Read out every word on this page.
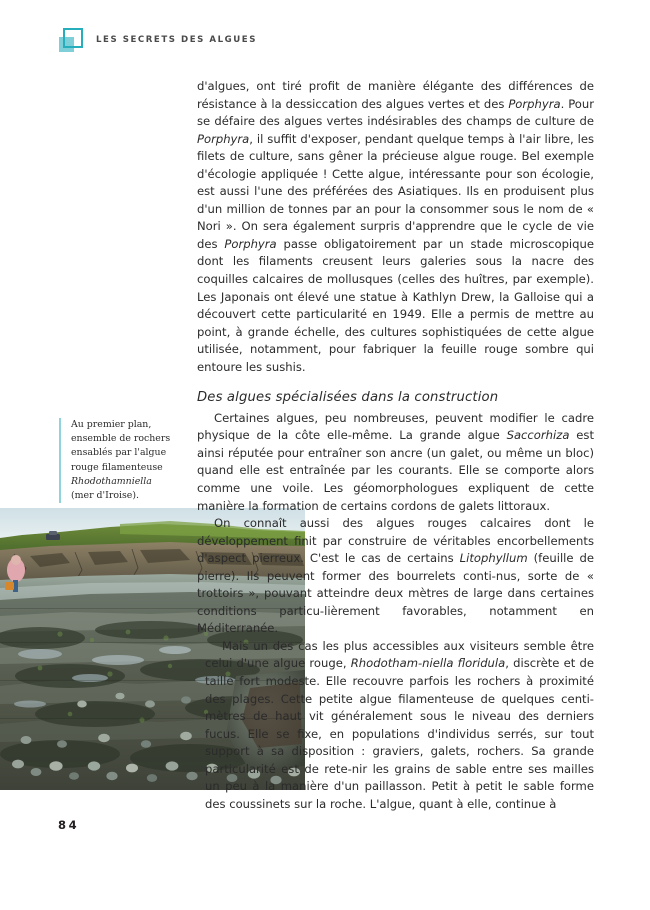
LES SECRETS DES ALGUES

Au premier plan,

ensemble de rochers

ensablés par l'algue

rouge filamenteuse

Rhodothamniella

(mer d'Iroise).

d'algues, ont tiré profit de manière élégante des différences de résistance à la dessiccation des algues vertes et des Porphyra. Pour se défaire des algues vertes indésirables des champs de culture de Porphyra, il suffit d'exposer, pendant quelque temps à l'air libre, les filets de culture, sans gêner la précieuse algue rouge. Bel exemple d'écologie appliquée ! Cette algue, intéressante pour son écologie, est aussi l'une des préférées des Asiatiques. Ils en produisent plus d'un million de tonnes par an pour la consommer sous le nom de « Nori ». On sera également surpris d'apprendre que le cycle de vie des Porphyra passe obligatoirement par un stade microscopique dont les filaments creusent leurs galeries sous la nacre des coquilles calcaires de mollusques (celles des huîtres, par exemple). Les Japonais ont élevé une statue à Kathlyn Drew, la Galloise qui a découvert cette particularité en 1949. Elle a permis de mettre au point, à grande échelle, des cultures sophistiquées de cette algue utilisée, notamment, pour fabriquer la feuille rouge sombre qui entoure les sushis.

Des algues spécialisées dans la construction

Certaines algues, peu nombreuses, peuvent modifier le cadre physique de la côte elle-même. La grande algue Saccorhiza est ainsi réputée pour entraîner son ancre (un galet, ou même un bloc) quand elle est entraînée par les courants. Elle se comporte alors comme une voile. Les géomorphologues expliquent de cette manière la formation de certains cordons de galets littoraux.

On connaît aussi des algues rouges calcaires dont le développement finit par construire de véritables encorbellements d'aspect pierreux. C'est le cas de certains Litophyllum (feuille de pierre). Ils peuvent former des bourrelets conti-nus, sorte de « trottoirs », pouvant atteindre deux mètres de large dans certaines conditions particu-lièrement favorables, notamment en Méditerranée.

Mais un des cas les plus accessibles aux visiteurs semble être celui d'une algue rouge, Rhodotham-niella floridula, discrète et de taille fort modeste. Elle recouvre parfois les rochers à proximité des plages. Cette petite algue filamenteuse de quelques centi-mètres de haut vit généralement sous le niveau des derniers fucus. Elle se fixe, en populations d'individus serrés, sur tout support à sa disposition : graviers, galets, rochers. Sa grande particularité est de rete-nir les grains de sable entre ses mailles un peu à la manière d'un paillasson. Petit à petit le sable forme des coussinets sur la roche. L'algue, quant à elle, continue à

84
